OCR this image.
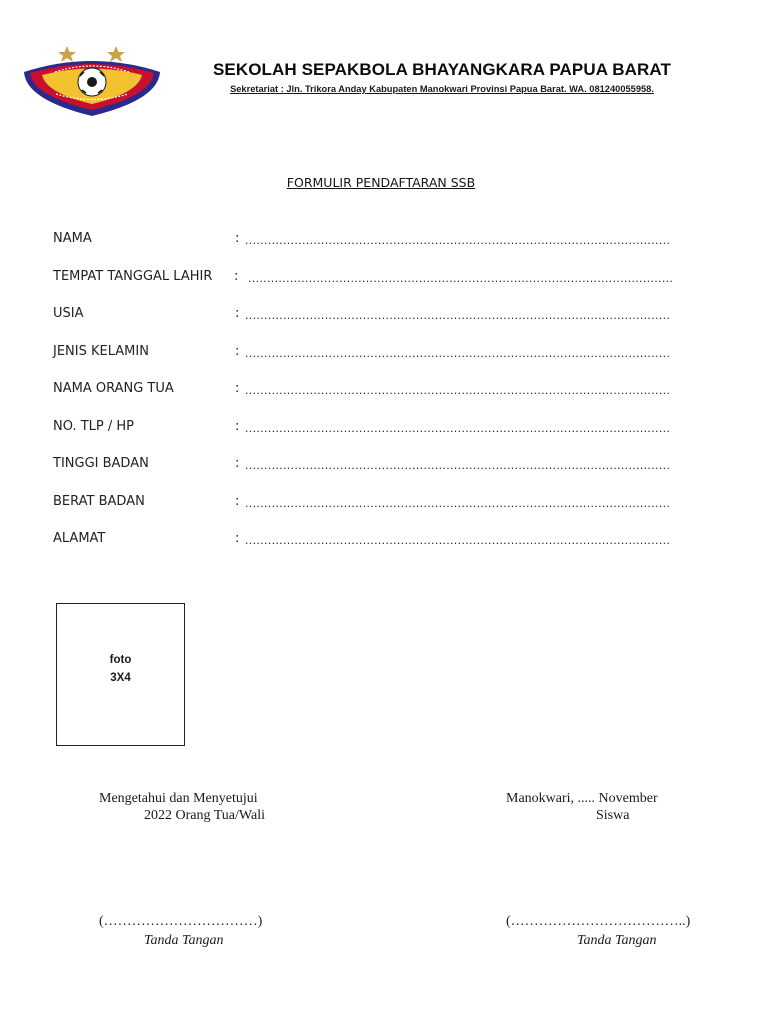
SEKOLAH SEPAKBOLA BHAYANGKARA PAPUA BARAT
Sekretariat : Jln. Trikora Anday Kabupaten Manokwari Provinsi Papua Barat. WA. 081240055958.
FORMULIR PENDAFTARAN SSB
NAMA	: ................................................................................................................
TEMPAT TANGGAL LAHIR : ................................................................................................................
USIA	: ................................................................................................................
JENIS KELAMIN	: ................................................................................................................
NAMA ORANG TUA	: ................................................................................................................
NO. TLP / HP	: ................................................................................................................
TINGGI BADAN	: ................................................................................................................
BERAT BADAN	: ................................................................................................................
ALAMAT	: ................................................................................................................
foto
3X4
Mengetahui dan Menyetujui
2022 Orang Tua/Wali
Manokwari, ..... November
Siswa
(……………………………)
Tanda Tangan
(………………………………..)
Tanda Tangan
